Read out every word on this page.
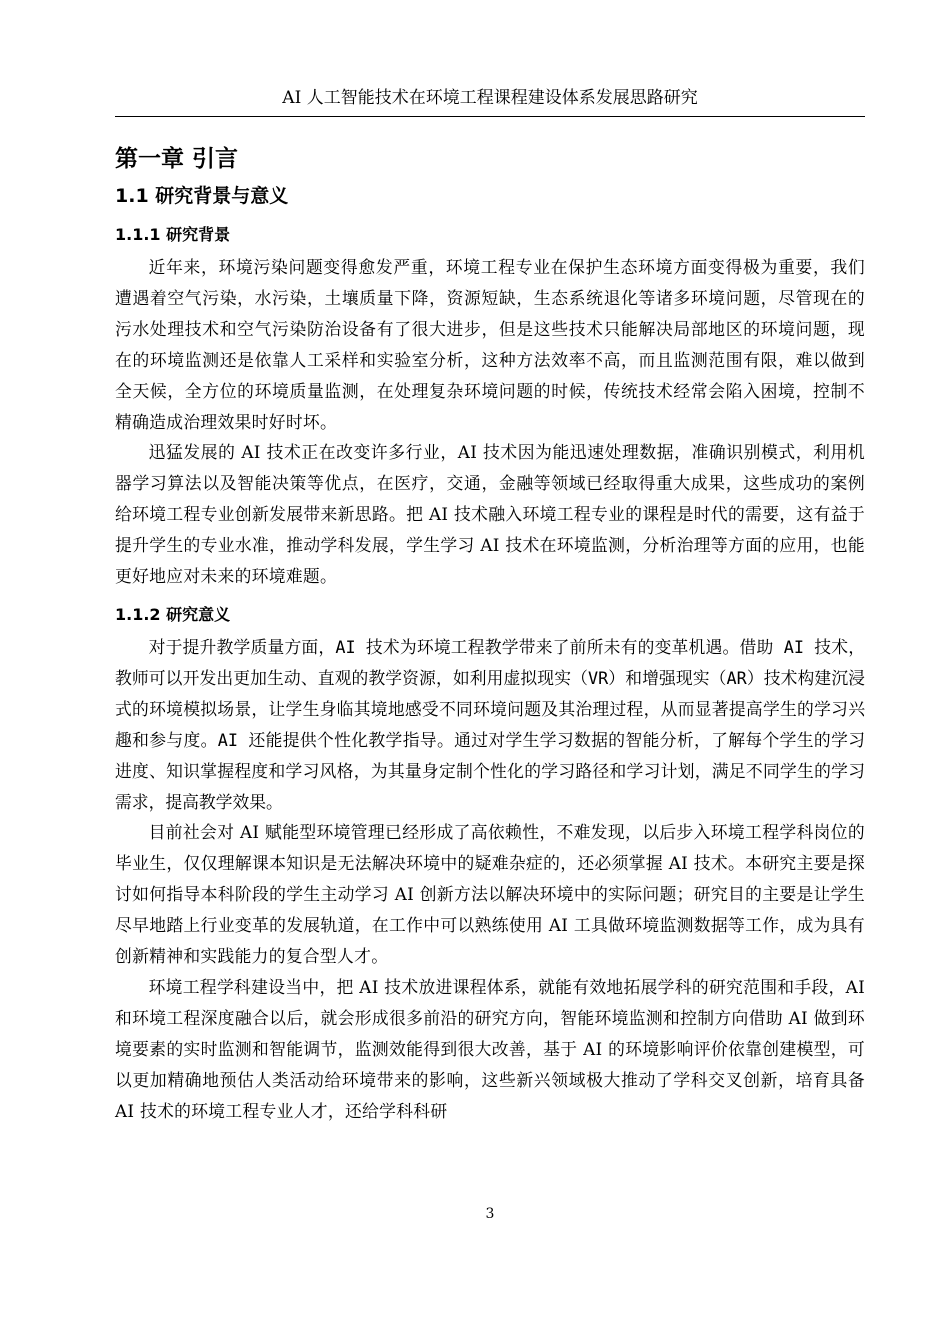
AI 人工智能技术在环境工程课程建设体系发展思路研究
第一章 引言
1.1 研究背景与意义
1.1.1 研究背景

近年来，环境污染问题变得愈发严重，环境工程专业在保护生态环境方面变得极为重要，我们遭遇着空气污染，水污染，土壤质量下降，资源短缺，生态系统退化等诸多环境问题，尽管现在的污水处理技术和空气污染防治设备有了很大进步，但是这些技术只能解决局部地区的环境问题，现在的环境监测还是依靠人工采样和实验室分析，这种方法效率不高，而且监测范围有限，难以做到全天候，全方位的环境质量监测，在处理复杂环境问题的时候，传统技术经常会陷入困境，控制不精确造成治理效果时好时坏。

迅猛发展的 AI 技术正在改变许多行业，AI 技术因为能迅速处理数据，准确识别模式，利用机器学习算法以及智能决策等优点，在医疗，交通，金融等领域已经取得重大成果，这些成功的案例给环境工程专业创新发展带来新思路。把 AI 技术融入环境工程专业的课程是时代的需要，这有益于提升学生的专业水准，推动学科发展，学生学习 AI 技术在环境监测，分析治理等方面的应用，也能更好地应对未来的环境难题。

1.1.2 研究意义

对于提升教学质量方面，AI 技术为环境工程教学带来了前所未有的变革机遇。借助 AI 技术，教师可以开发出更加生动、直观的教学资源，如利用虚拟现实（VR）和增强现实（AR）技术构建沉浸式的环境模拟场景，让学生身临其境地感受不同环境问题及其治理过程，从而显著提高学生的学习兴趣和参与度。AI 还能提供个性化教学指导。通过对学生学习数据的智能分析，了解每个学生的学习进度、知识掌握程度和学习风格，为其量身定制个性化的学习路径和学习计划，满足不同学生的学习需求，提高教学效果。

目前社会对 AI 赋能型环境管理已经形成了高依赖性，不难发现，以后步入环境工程学科岗位的毕业生，仅仅理解课本知识是无法解决环境中的疑难杂症的，还必须掌握 AI 技术。本研究主要是探讨如何指导本科阶段的学生主动学习 AI 创新方法以解决环境中的实际问题；研究目的主要是让学生尽早地踏上行业变革的发展轨道，在工作中可以熟练使用 AI 工具做环境监测数据等工作，成为具有创新精神和实践能力的复合型人才。

环境工程学科建设当中，把 AI 技术放进课程体系，就能有效地拓展学科的研究范围和手段，AI 和环境工程深度融合以后，就会形成很多前沿的研究方向，智能环境监测和控制方向借助 AI 做到环境要素的实时监测和智能调节，监测效能得到很大改善，基于 AI 的环境影响评价依靠创建模型，可以更加精确地预估人类活动给环境带来的影响，这些新兴领域极大推动了学科交叉创新，培育具备 AI 技术的环境工程专业人才，还给学科科研

3
